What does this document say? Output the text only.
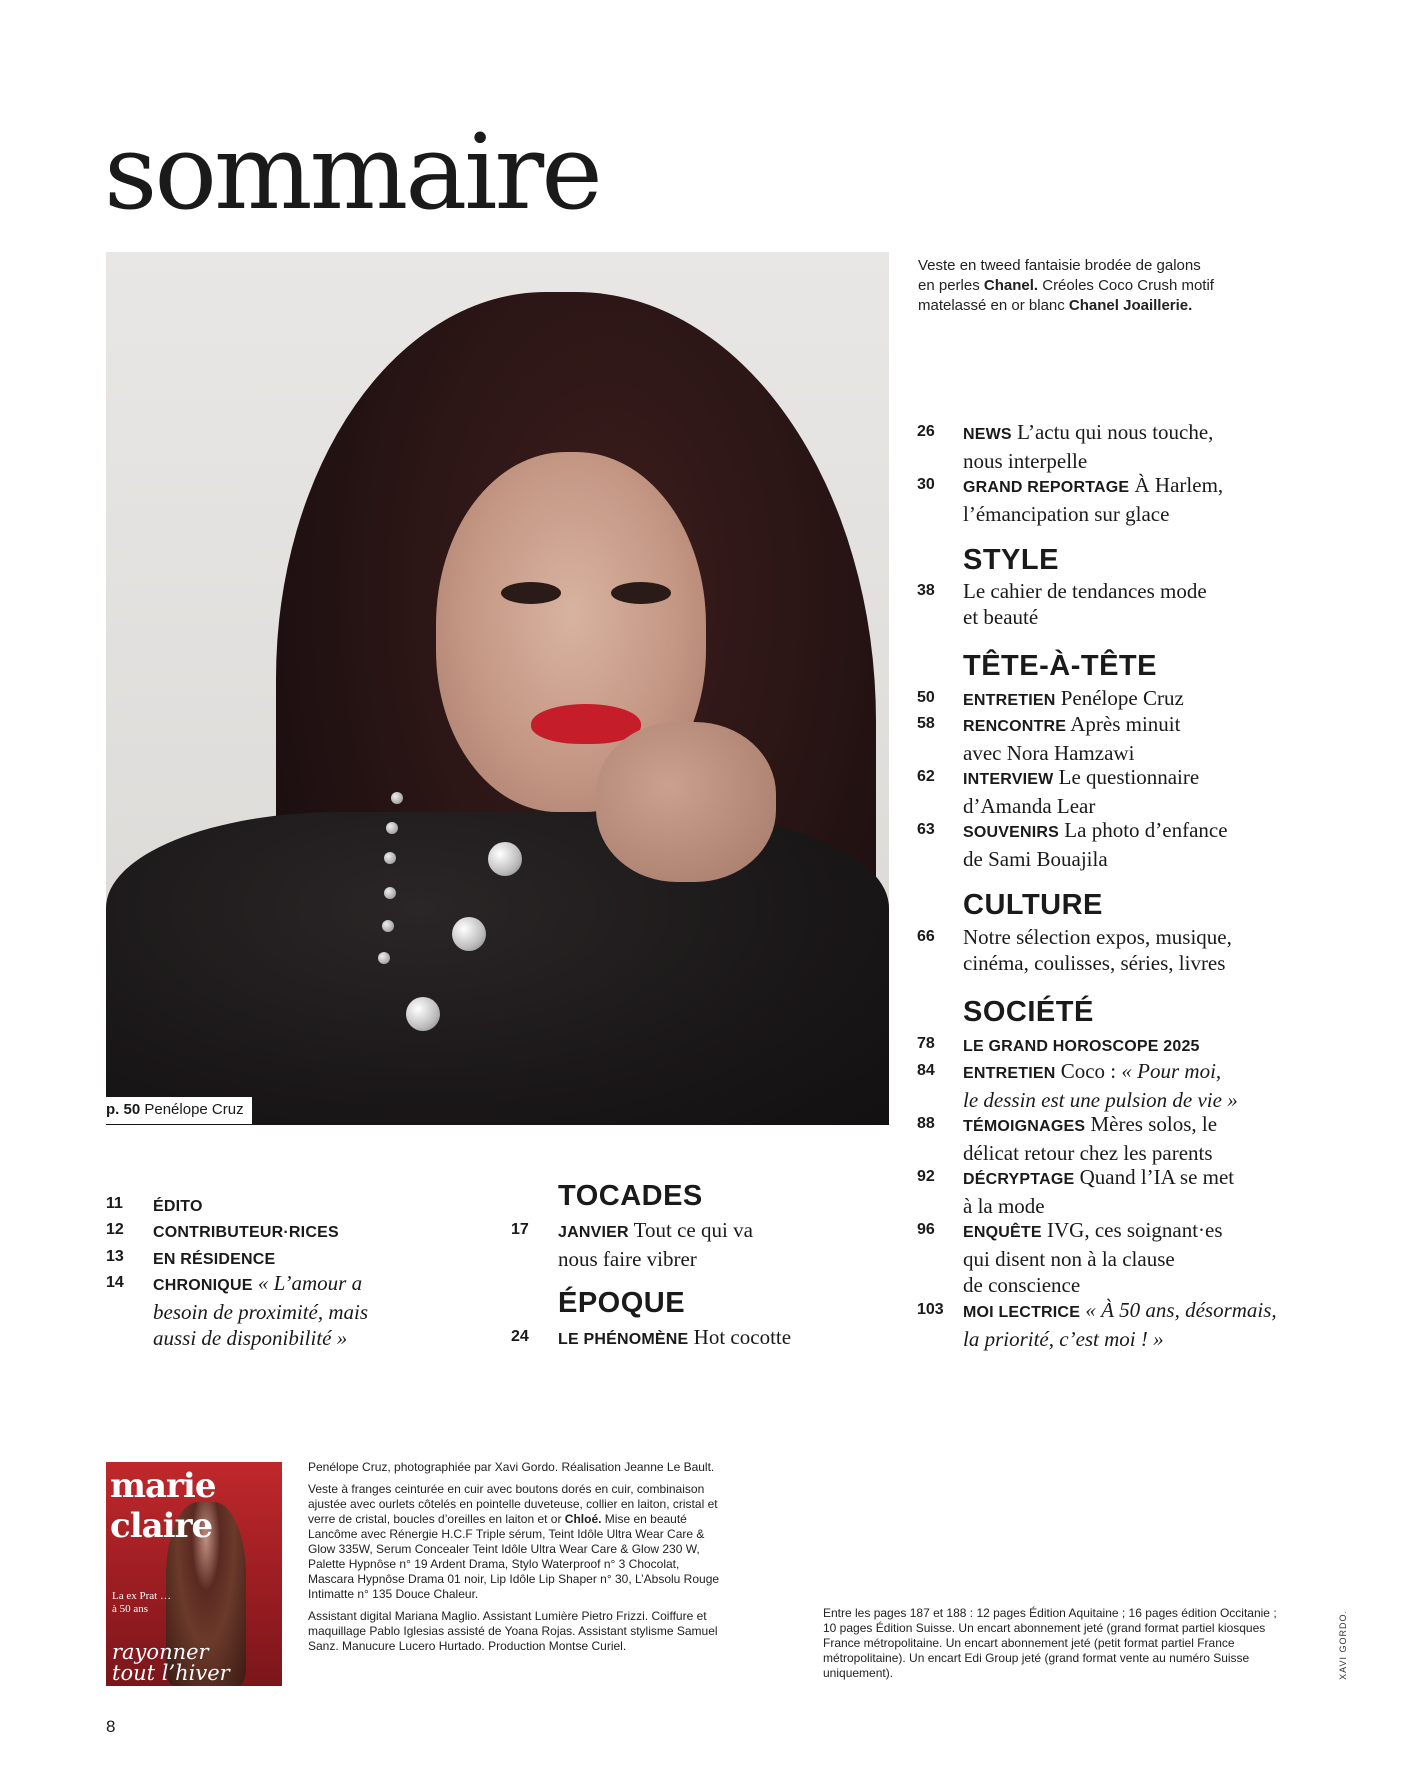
sommaire
p. 50 Penélope Cruz
Veste en tweed fantaisie brodée de galons en perles Chanel. Créoles Coco Crush motif matelassé en or blanc Chanel Joaillerie.
26 NEWS L’actu qui nous touche,
nous interpelle
30 GRAND REPORTAGE À Harlem,
l’émancipation sur glace
STYLE
38 Le cahier de tendances mode
et beauté
TÊTE-À-TÊTE
50 ENTRETIEN Penélope Cruz
58 RENCONTRE Après minuit
avec Nora Hamzawi
62 INTERVIEW Le questionnaire
d’Amanda Lear
63 SOUVENIRS La photo d’enfance
de Sami Bouajila
CULTURE
66 Notre sélection expos, musique,
cinéma, coulisses, séries, livres
SOCIÉTÉ
78 LE GRAND HOROSCOPE 2025
84 ENTRETIEN Coco : « Pour moi,
le dessin est une pulsion de vie »
88 TÉMOIGNAGES Mères solos, le
délicat retour chez les parents
92 DÉCRYPTAGE Quand l’IA se met
à la mode
96 ENQUÊTE IVG, ces soignant·es
qui disent non à la clause
de conscience
103 MOI LECTRICE « À 50 ans, désormais,
la priorité, c’est moi ! »
11 ÉDITO
12 CONTRIBUTEUR·RICES
13 EN RÉSIDENCE
14 CHRONIQUE « L’amour a
besoin de proximité, mais
aussi de disponibilité »
TOCADES
17 JANVIER Tout ce qui va
nous faire vibrer
ÉPOQUE
24 LE PHÉNOMÈNE Hot cocotte
marie claire
La ex Prat … à 50 ans
rayonner
tout l’hiver

Penélope Cruz, photographiée par Xavi Gordo. Réalisation Jeanne Le Bault.

Veste à franges ceinturée en cuir avec boutons dorés en cuir, combinaison ajustée avec ourlets côtelés en pointelle duveteuse, collier en laiton, cristal et verre de cristal, boucles d’oreilles en laiton et or Chloé. Mise en beauté Lancôme avec Rénergie H.C.F Triple sérum, Teint Idôle Ultra Wear Care & Glow 335W, Serum Concealer Teint Idôle Ultra Wear Care & Glow 230 W, Palette Hypnôse n° 19 Ardent Drama, Stylo Waterproof n° 3 Chocolat, Mascara Hypnôse Drama 01 noir, Lip Idôle Lip Shaper n° 30, L’Absolu Rouge Intimatte n° 135 Douce Chaleur.

Assistant digital Mariana Maglio. Assistant Lumière Pietro Frizzi. Coiffure et maquillage Pablo Iglesias assisté de Yoana Rojas. Assistant stylisme Samuel Sanz. Manucure Lucero Hurtado. Production Montse Curiel.

Entre les pages 187 et 188 : 12 pages Édition Aquitaine ; 16 pages édition Occitanie ; 10 pages Édition Suisse. Un encart abonnement jeté (grand format partiel kiosques France métropolitaine. Un encart abonnement jeté (petit format partiel France métropolitaine). Un encart Edi Group jeté (grand format vente au numéro Suisse uniquement).	XAVI GORDO.
8
